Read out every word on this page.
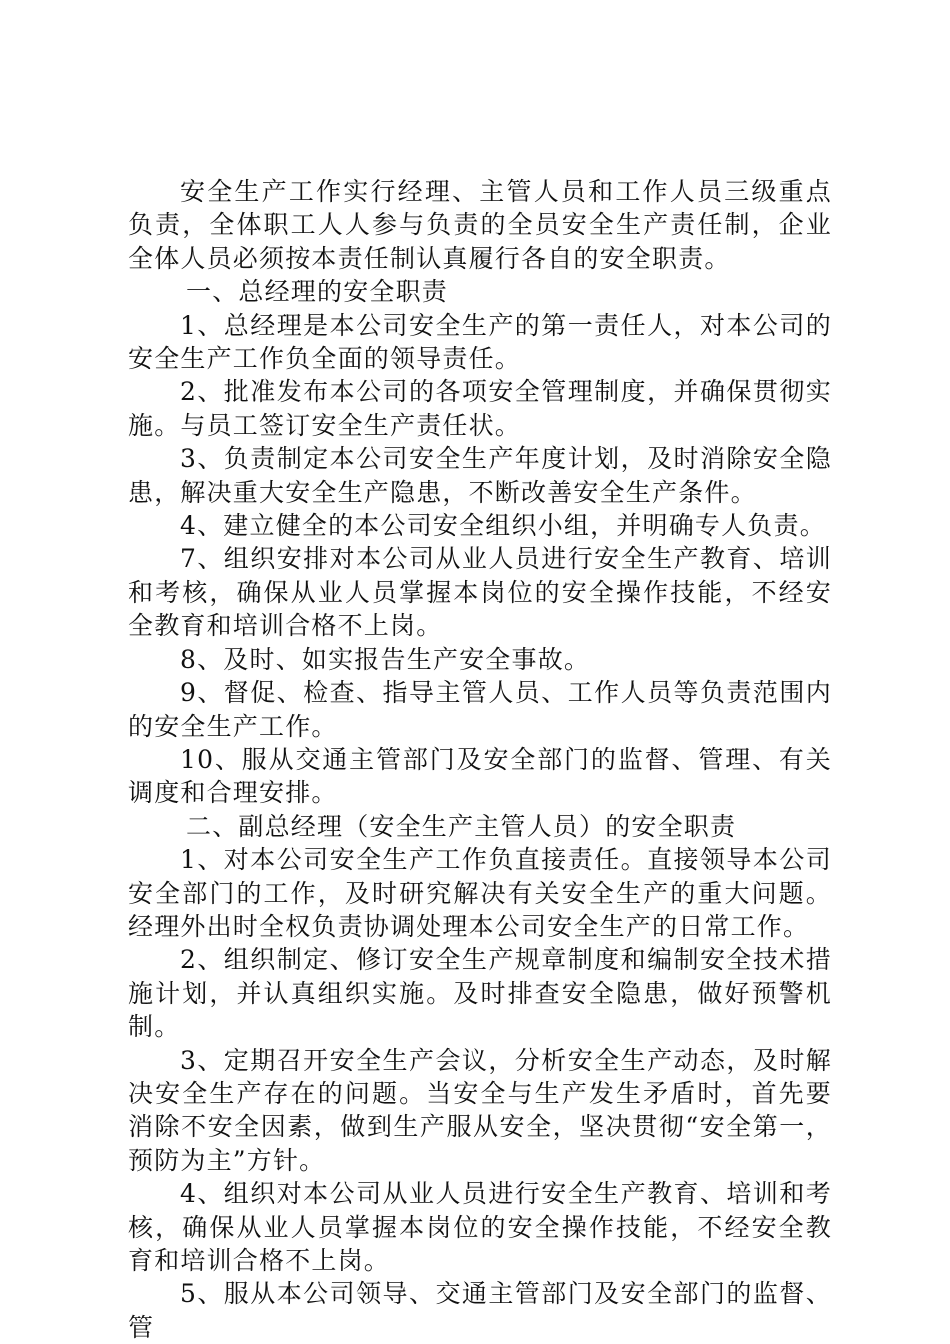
安全生产工作实行经理、主管人员和工作人员三级重点负责，全体职工人人参与负责的全员安全生产责任制，企业全体人员必须按本责任制认真履行各自的安全职责。

一、总经理的安全职责

1、总经理是本公司安全生产的第一责任人，对本公司的安全生产工作负全面的领导责任。

2、批准发布本公司的各项安全管理制度，并确保贯彻实施。与员工签订安全生产责任状。

3、负责制定本公司安全生产年度计划，及时消除安全隐患，解决重大安全生产隐患，不断改善安全生产条件。

4、建立健全的本公司安全组织小组，并明确专人负责。

7、组织安排对本公司从业人员进行安全生产教育、培训和考核，确保从业人员掌握本岗位的安全操作技能，不经安全教育和培训合格不上岗。

8、及时、如实报告生产安全事故。

9、督促、检查、指导主管人员、工作人员等负责范围内的安全生产工作。

10、服从交通主管部门及安全部门的监督、管理、有关调度和合理安排。

二、副总经理（安全生产主管人员）的安全职责

1、对本公司安全生产工作负直接责任。直接领导本公司安全部门的工作，及时研究解决有关安全生产的重大问题。经理外出时全权负责协调处理本公司安全生产的日常工作。

2、组织制定、修订安全生产规章制度和编制安全技术措施计划，并认真组织实施。及时排查安全隐患，做好预警机制。

3、定期召开安全生产会议，分析安全生产动态，及时解决安全生产存在的问题。当安全与生产发生矛盾时，首先要消除不安全因素，做到生产服从安全，坚决贯彻“安全第一，预防为主”方针。

4、组织对本公司从业人员进行安全生产教育、培训和考核，确保从业人员掌握本岗位的安全操作技能，不经安全教育和培训合格不上岗。

5、服从本公司领导、交通主管部门及安全部门的监督、管
